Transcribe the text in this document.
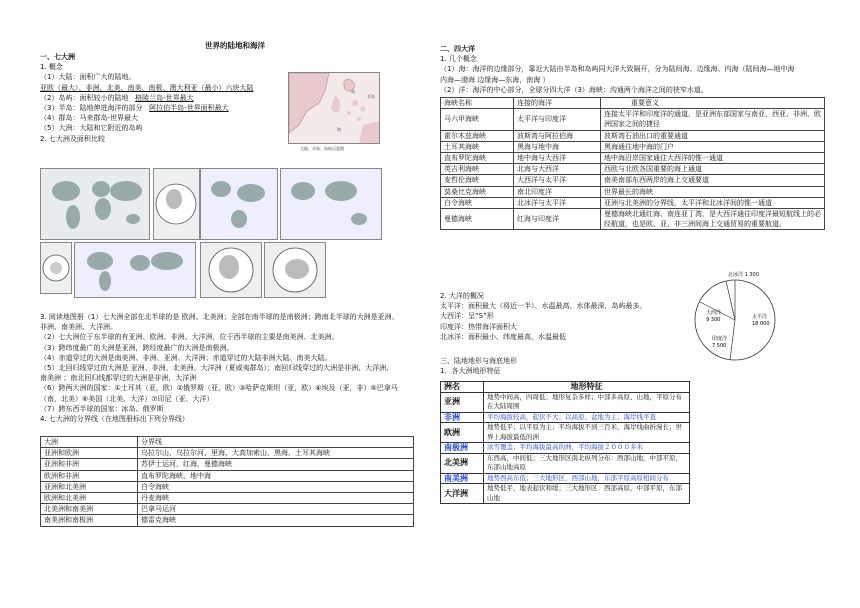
世界的陆地和海洋
一、七大洲
1. 概念
（1）大陆：面积广大的陆地。
亚欧（最大）、非洲、北美、南美、南极、澳大利亚（最小）六块大陆
（2）岛屿：面积较小的陆地 格陵兰岛-世界最大
（3）半岛：陆地伸进海洋的部分 阿拉伯半岛-世界面积最大
（4）群岛：马来群岛-世界最大
（5）大洲：大陆和它附近的岛屿
2. 七大洲及面积比较
半岛
海
岛
大陆、半岛、岛屿示意图
3. 阅读地图册（1）七大洲全部在北半球的是 欧洲、北美洲；全部在南半球的是南极洲；跨南北半球的大洲是亚洲、
非洲、南美洲、大洋洲。
（2）七大洲位于东半球的有亚洲、欧洲、非洲、大洋洲，位于西半球的主要是南美洲、北美洲。
（3）跨纬度最广的大洲是亚洲，跨经度最广的大洲是南极洲。
（4）赤道穿过的大洲是南美洲、非洲、亚洲、大洋洲；赤道穿过的大陆非洲大陆、南美大陆。
（5）北回归线穿过的大洲是 亚洲、非洲、北美洲、大洋洲（夏威夷群岛）；南回归线穿过的大洲是非洲、大洋洲、
南美洲 ；南北回归线都穿过的大洲是非洲，大洋洲
（6）跨两大洲的国家：①土耳其（亚，欧）②俄罗斯（亚，欧）③哈萨克斯坦（亚，欧）④埃及（亚，非）⑤巴拿马
（南，北美）⑥美国（北美、大洋）⑦印尼（亚、大洋）
（7）跨东西半球的国家：冰岛、俄罗斯
4. 七大洲的分界线（在地图册标出下列分界线）
大洲	分界线
亚洲和欧洲	乌拉尔山、乌拉尔河、里海、大高加索山、黑海、土耳其海峡
亚洲和非洲	苏伊士运河，红海，曼德海峡
欧洲和非洲	直布罗陀海峡、地中海
亚洲和北美洲	白令海峡
欧洲和北美洲	丹麦海峡
北美洲和南美洲	巴拿马运河
南美洲和南极洲	德雷克海峡
二、四大洋
1. 几个概念
（1）海：海洋的边缘部分，靠近大陆由半岛和岛屿同大洋大致隔开，分为陆间海、边缘海、内海（陆间海—地中海
内海—渤海 边缘海—东海，南海 ）
（2）洋：海洋的中心部分，全球分四大洋（3）海峡：沟通两个海洋之间的狭窄水道。
海峡名称	连接的海洋	重要意义
马六甲海峡	太平洋与印度洋	连接太平洋和印度洋的通道，是亚洲东部国家与南亚、西亚、非洲、欧洲国家之间的捷径
霍尔木兹海峡	波斯湾与阿拉伯海	波斯湾石油出口的重要通道
土耳其海峡	黑海与地中海	黑海通往地中海的门户
直布罗陀海峡	地中海与大西洋	地中海沿岸国家通往大西洋的惟一通道
英吉利海峡	北海与大西洋	西欧与北欧各国重要的海上通道
麦哲伦海峡	大西洋与太平洋	南美南部东西两岸的海上交通要道
莫桑比克海峡	南北印度洋	世界最长的海峡
白令海峡	北冰洋与太平洋	亚洲与北美洲的分界线，太平洋和北冰洋间的惟一通道
曼德海峡	红海与印度洋	曼德海峡北通红海、南连亚丁湾，是大西洋通往印度洋最短航线上的必经航道，也是欧、亚、非三洲间海上交通贸易的重要航道。
2. 大洋的概况
太平洋：面积最大（将近一半）、水温最高、水体最深，岛屿最多。
大西洋：呈“S”形
印度洋：热带海洋面积大
北冰洋：面积最小、纬度最高，水温最低
太平洋
18 000
大西洋
9 300
印度洋
7 500
北冰洋 1 300
三、陆地地形与海底地形
1．各大洲地形特征
洲名	地形特征
亚洲	地势中间高，四周低；地形复杂多样；中部多高原、山地，平原分布在大陆周围
非洲	平均海拔较高，起伏不大；以高原、盆地为主；海岸线平直
欧洲	地势低平；以平原为主；平均海拔不到三百米，海岸线曲折漫长；世界上海拔最低的洲
南极洲	冰雪覆盖；平均海拔最高的洲，平均海拔２０００多米
北美洲	东西高，中间低；三大地形区南北纵列分布：西部山地，中部平原，东部山地高原
南美洲	地势西高东低；三大地形区，西部山地，东部平原高原相间分布
大洋洲	地势低平，地表起伏和缓；三大地形区：西部高原，中部平原，东部山地
